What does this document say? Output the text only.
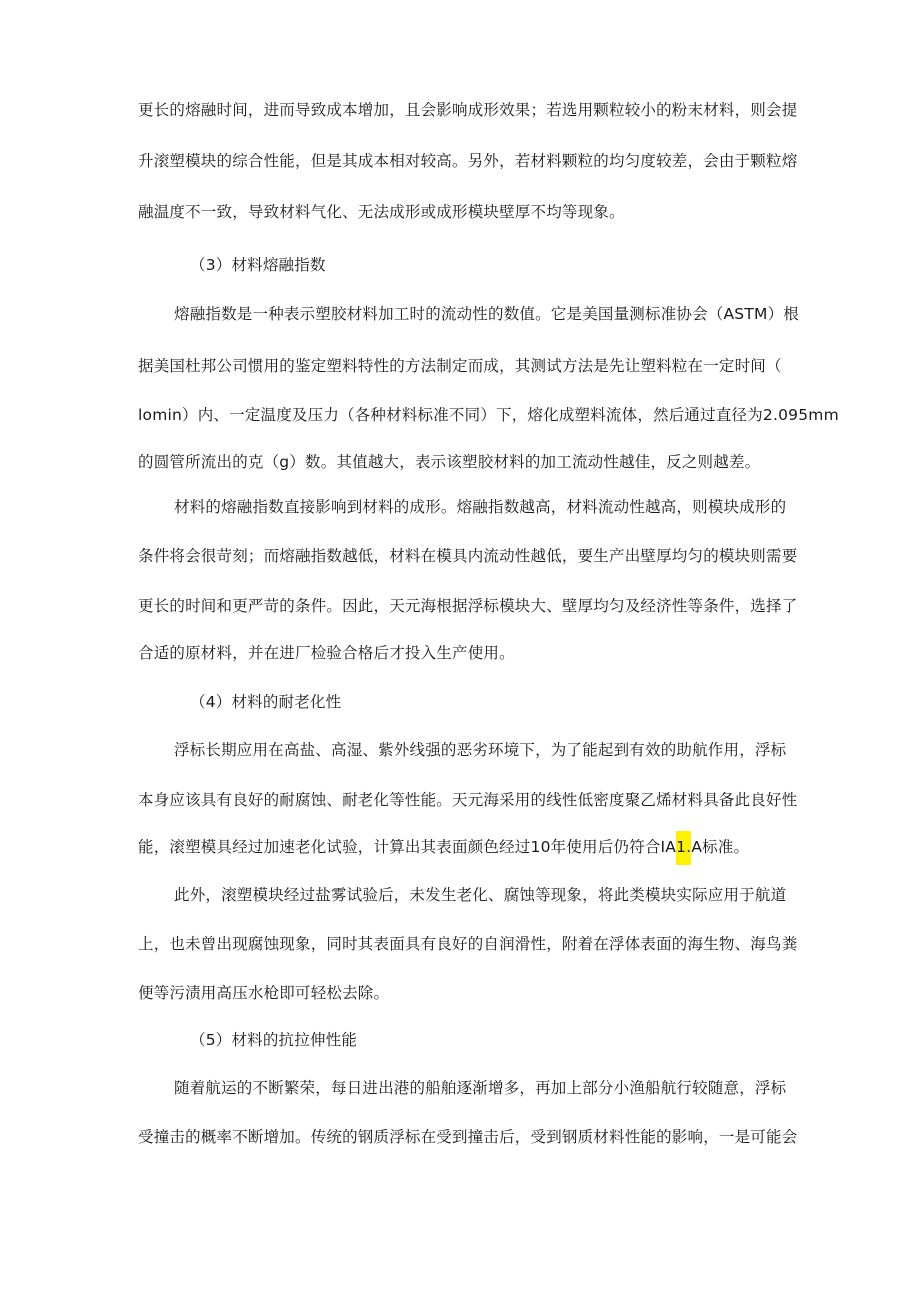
更长的熔融时间，进而导致成本增加，且会影响成形效果；若选用颗粒较小的粉末材料，则会提
升滚塑模块的综合性能，但是其成本相对较高。另外，若材料颗粒的均匀度较差，会由于颗粒熔
融温度不一致，导致材料气化、无法成形或成形模块壁厚不均等现象。
（3）材料熔融指数
熔融指数是一种表示塑胶材料加工时的流动性的数值。它是美国量测标准协会（ASTM）根
据美国杜邦公司惯用的鉴定塑料特性的方法制定而成，其测试方法是先让塑料粒在一定时间（
lomin）内、一定温度及压力（各种材料标准不同）下，熔化成塑料流体，然后通过直径为2.095mm
的圆管所流出的克（g）数。其值越大，表示该塑胶材料的加工流动性越佳，反之则越差。
材料的熔融指数直接影响到材料的成形。熔融指数越高，材料流动性越高，则模块成形的
条件将会很苛刻；而熔融指数越低，材料在模具内流动性越低，要生产出壁厚均匀的模块则需要
更长的时间和更严苛的条件。因此，天元海根据浮标模块大、壁厚均匀及经济性等条件，选择了
合适的原材料，并在进厂检验合格后才投入生产使用。
（4）材料的耐老化性
浮标长期应用在高盐、高湿、紫外线强的恶劣环境下，为了能起到有效的助航作用，浮标
本身应该具有良好的耐腐蚀、耐老化等性能。天元海采用的线性低密度聚乙烯材料具备此良好性
能，滚塑模具经过加速老化试验，计算出其表面颜色经过10年使用后仍符合IA1.A标准。
此外，滚塑模块经过盐雾试验后，未发生老化、腐蚀等现象，将此类模块实际应用于航道
上，也未曾出现腐蚀现象，同时其表面具有良好的自润滑性，附着在浮体表面的海生物、海鸟粪
便等污渍用高压水枪即可轻松去除。
（5）材料的抗拉伸性能
随着航运的不断繁荣，每日进出港的船舶逐渐增多，再加上部分小渔船航行较随意，浮标
受撞击的概率不断增加。传统的钢质浮标在受到撞击后，受到钢质材料性能的影响，一是可能会
